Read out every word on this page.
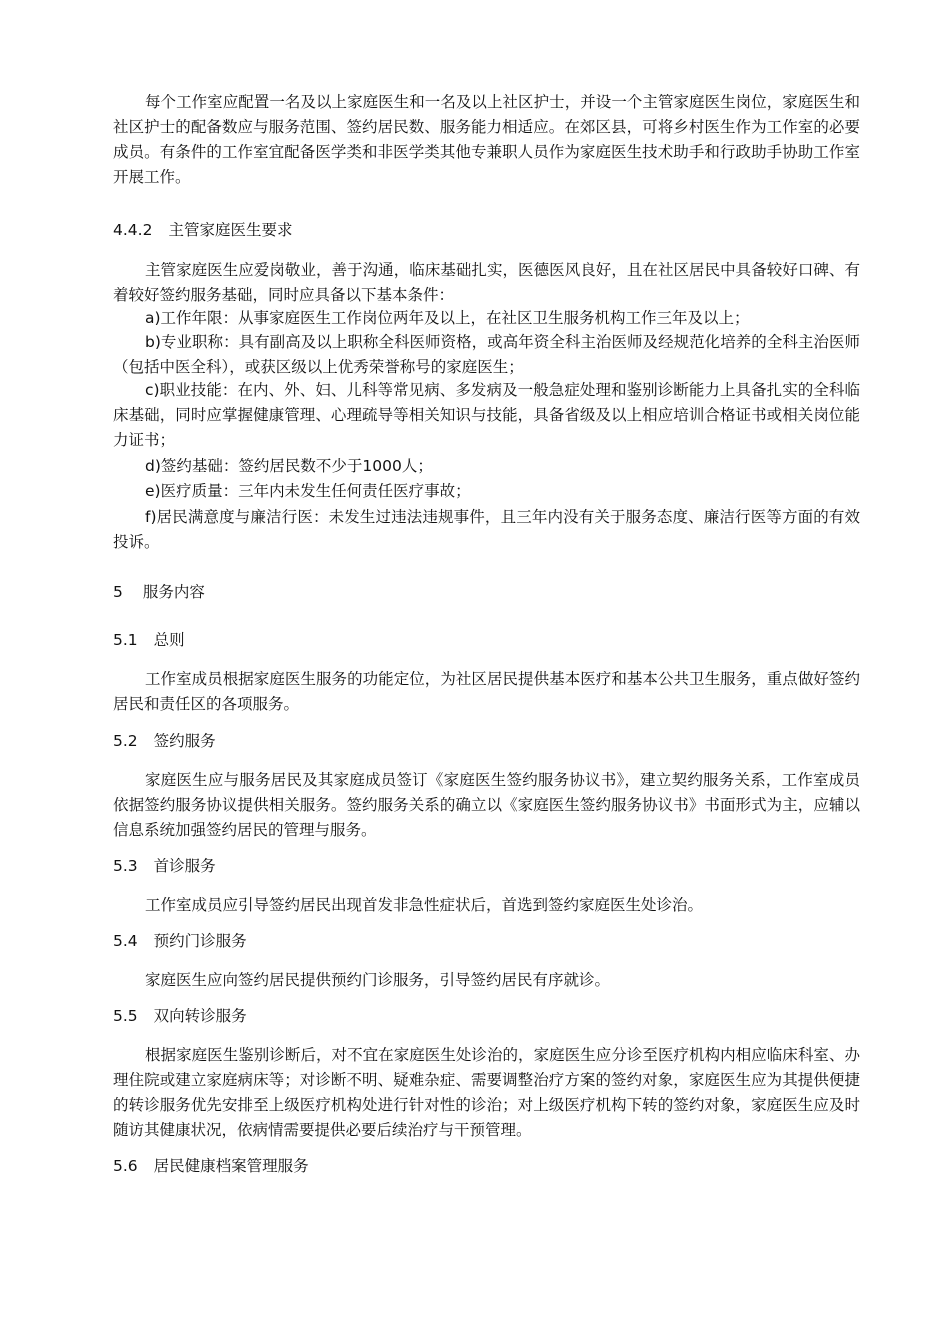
每个工作室应配置一名及以上家庭医生和一名及以上社区护士，并设一个主管家庭医生岗位，家庭医生和社区护士的配备数应与服务范围、签约居民数、服务能力相适应。在郊区县，可将乡村医生作为工作室的必要成员。有条件的工作室宜配备医学类和非医学类其他专兼职人员作为家庭医生技术助手和行政助手协助工作室开展工作。

4.4.2 主管家庭医生要求

主管家庭医生应爱岗敬业，善于沟通，临床基础扎实，医德医风良好，且在社区居民中具备较好口碑、有着较好签约服务基础，同时应具备以下基本条件：

a)工作年限：从事家庭医生工作岗位两年及以上，在社区卫生服务机构工作三年及以上；

b)专业职称：具有副高及以上职称全科医师资格，或高年资全科主治医师及经规范化培养的全科主治医师（包括中医全科），或获区级以上优秀荣誉称号的家庭医生；

c)职业技能：在内、外、妇、儿科等常见病、多发病及一般急症处理和鉴别诊断能力上具备扎实的全科临床基础，同时应掌握健康管理、心理疏导等相关知识与技能，具备省级及以上相应培训合格证书或相关岗位能力证书；

d)签约基础：签约居民数不少于1000人；

e)医疗质量：三年内未发生任何责任医疗事故；

f)居民满意度与廉洁行医：未发生过违法违规事件，且三年内没有关于服务态度、廉洁行医等方面的有效投诉。

5 服务内容
5.1 总则

工作室成员根据家庭医生服务的功能定位，为社区居民提供基本医疗和基本公共卫生服务，重点做好签约居民和责任区的各项服务。

5.2 签约服务

家庭医生应与服务居民及其家庭成员签订《家庭医生签约服务协议书》，建立契约服务关系，工作室成员依据签约服务协议提供相关服务。签约服务关系的确立以《家庭医生签约服务协议书》书面形式为主，应辅以信息系统加强签约居民的管理与服务。

5.3 首诊服务

工作室成员应引导签约居民出现首发非急性症状后，首选到签约家庭医生处诊治。

5.4 预约门诊服务

家庭医生应向签约居民提供预约门诊服务，引导签约居民有序就诊。

5.5 双向转诊服务

根据家庭医生鉴别诊断后，对不宜在家庭医生处诊治的，家庭医生应分诊至医疗机构内相应临床科室、办理住院或建立家庭病床等；对诊断不明、疑难杂症、需要调整治疗方案的签约对象，家庭医生应为其提供便捷的转诊服务优先安排至上级医疗机构处进行针对性的诊治；对上级医疗机构下转的签约对象，家庭医生应及时随访其健康状况，依病情需要提供必要后续治疗与干预管理。

5.6 居民健康档案管理服务
